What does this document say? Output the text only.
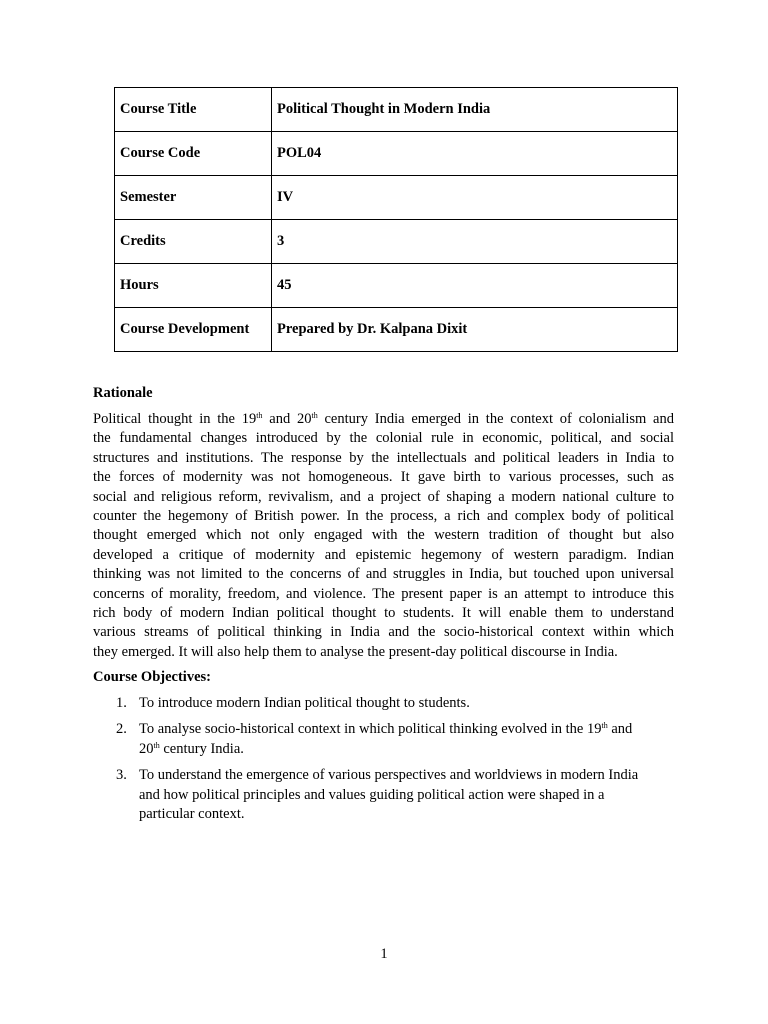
Course Title	Political Thought in Modern India
Course Code	POL04
Semester	IV
Credits	3
Hours	45
Course Development	Prepared by Dr. Kalpana Dixit
Rationale
Political thought in the 19th and 20th century India emerged in the context of colonialism and
the fundamental changes introduced by the colonial rule in economic, political, and social
structures and institutions. The response by the intellectuals and political leaders in India to
the forces of modernity was not homogeneous. It gave birth to various processes, such as
social and religious reform, revivalism, and a project of shaping a modern national culture to
counter the hegemony of British power. In the process, a rich and complex body of political
thought emerged which not only engaged with the western tradition of thought but also
developed a critique of modernity and epistemic hegemony of western paradigm. Indian
thinking was not limited to the concerns of and struggles in India, but touched upon universal
concerns of morality, freedom, and violence. The present paper is an attempt to introduce this
rich body of modern Indian political thought to students. It will enable them to understand
various streams of political thinking in India and the socio-historical context within which
they emerged. It will also help them to analyse the present-day political discourse in India.
Course Objectives:
1. To introduce modern Indian political thought to students.
2. To analyse socio-historical context in which political thinking evolved in the 19th and
20th century India.
3. To understand the emergence of various perspectives and worldviews in modern India
and how political principles and values guiding political action were shaped in a
particular context.
1
